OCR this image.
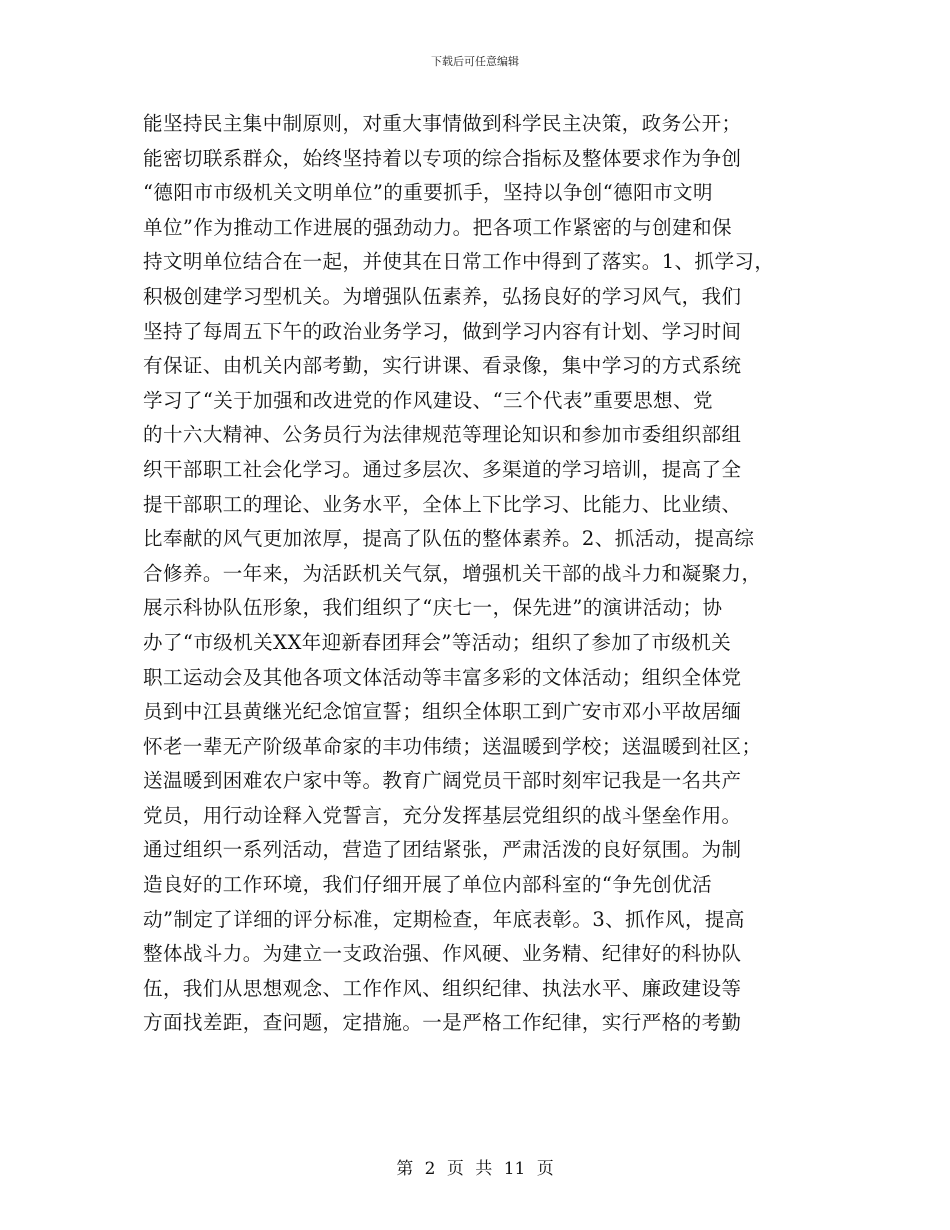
下载后可任意编辑
能坚持民主集中制原则，对重大事情做到科学民主决策，政务公开；
能密切联系群众，始终坚持着以专项的综合指标及整体要求作为争创
“德阳市市级机关文明单位”的重要抓手，坚持以争创“德阳市文明
单位”作为推动工作进展的强劲动力。把各项工作紧密的与创建和保
持文明单位结合在一起，并使其在日常工作中得到了落实。1、抓学习，
积极创建学习型机关。为增强队伍素养，弘扬良好的学习风气，我们
坚持了每周五下午的政治业务学习，做到学习内容有计划、学习时间
有保证、由机关内部考勤，实行讲课、看录像，集中学习的方式系统
学习了“关于加强和改进党的作风建设、“三个代表”重要思想、党
的十六大精神、公务员行为法律规范等理论知识和参加市委组织部组
织干部职工社会化学习。通过多层次、多渠道的学习培训，提高了全
提干部职工的理论、业务水平，全体上下比学习、比能力、比业绩、
比奉献的风气更加浓厚，提高了队伍的整体素养。2、抓活动，提高综
合修养。一年来，为活跃机关气氛，增强机关干部的战斗力和凝聚力，
展示科协队伍形象，我们组织了“庆七一，保先进”的演讲活动；协
办了“市级机关XX年迎新春团拜会”等活动；组织了参加了市级机关
职工运动会及其他各项文体活动等丰富多彩的文体活动；组织全体党
员到中江县黄继光纪念馆宣誓；组织全体职工到广安市邓小平故居缅
怀老一辈无产阶级革命家的丰功伟绩；送温暖到学校；送温暖到社区；
送温暖到困难农户家中等。教育广阔党员干部时刻牢记我是一名共产
党员，用行动诠释入党誓言，充分发挥基层党组织的战斗堡垒作用。
通过组织一系列活动，营造了团结紧张，严肃活泼的良好氛围。为制
造良好的工作环境，我们仔细开展了单位内部科室的“争先创优活
动”制定了详细的评分标准，定期检查，年底表彰。3、抓作风，提高
整体战斗力。为建立一支政治强、作风硬、业务精、纪律好的科协队
伍，我们从思想观念、工作作风、组织纪律、执法水平、廉政建设等
方面找差距，查问题，定措施。一是严格工作纪律，实行严格的考勤
第 2 页 共 11 页
